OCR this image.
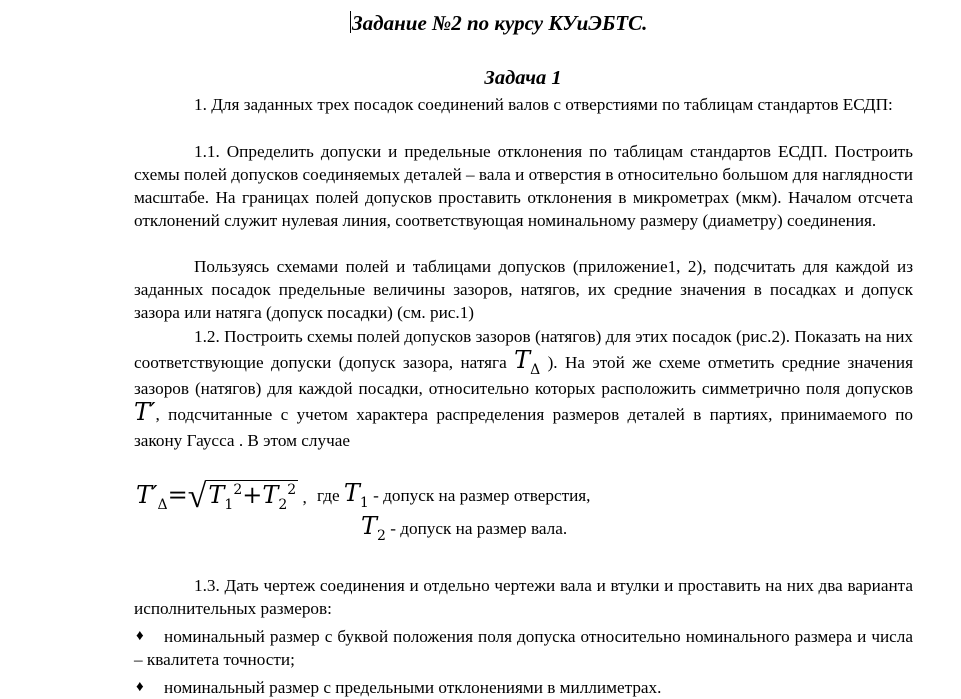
Задание №2 по курсу КУиЭБТС.
Задача 1

1. Для заданных трех посадок соединений валов с отверстиями по таблицам стандартов ЕСДП:

1.1. Определить допуски и предельные отклонения по таблицам стандартов ЕСДП. Построить схемы полей допусков соединяемых деталей – вала и отверстия в относительно большом для наглядности масштабе. На границах полей допусков проставить отклонения в микрометрах (мкм). Началом отсчета отклонений служит нулевая линия, соответствующая номинальному размеру (диаметру) соединения.

Пользуясь схемами полей и таблицами допусков (приложение1, 2), подсчитать для каждой из заданных посадок предельные величины зазоров, натягов, их средние значения в посадках и допуск зазора или натяга (допуск посадки) (см. рис.1)

1.2. Построить схемы полей допусков зазоров (натягов) для этих посадок (рис.2). Показать на них соответствующие допуски (допуск зазора, натяга $T_\Delta$ ). На этой же схеме отметить средние значения зазоров (натягов) для каждой посадки, относительно которых расположить симметрично поля допусков T′, подсчитанные с учетом характера распределения размеров деталей в партиях, принимаемого по закону Гаусса . В этом случае

$T'_\Delta=√T_1^2+T_2^2$ , где $T_1$ - допуск на размер отверстия,
$T_2$ - допуск на размер вала.

1.3. Дать чертеж соединения и отдельно чертежи вала и втулки и проставить на них два варианта исполнительных размеров:

♦	номинальный размер с буквой положения поля допуска относительно номинального размера и числа – квалитета точности;
♦	номинальный размер с предельными отклонениями в миллиметрах.
